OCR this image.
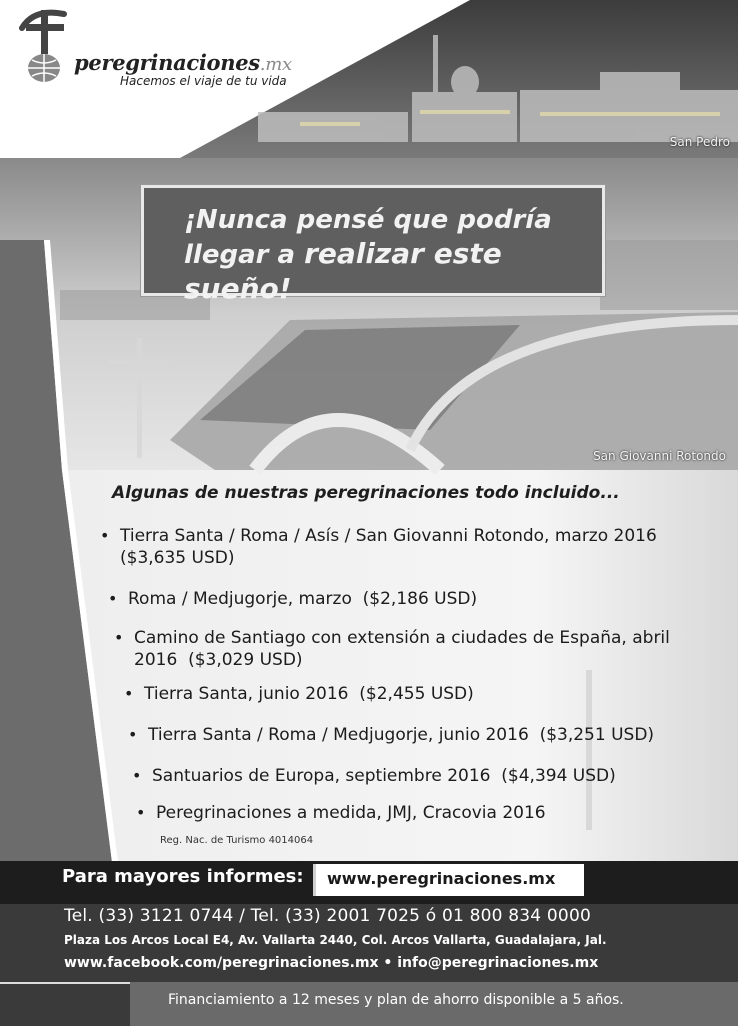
peregrinaciones.mx
Hacemos el viaje de tu vida
San Pedro
San Giovanni Rotondo
¡Nunca pensé que podría
llegar a realizar este sueño!
Algunas de nuestras peregrinaciones todo incluido...
• Tierra Santa / Roma / Asís / San Giovanni Rotondo, marzo 2016
($3,635 USD)
• Roma / Medjugorje, marzo ($2,186 USD)
• Camino de Santiago con extensión a ciudades de España, abril 2016 ($3,029 USD)
• Tierra Santa, junio 2016 ($2,455 USD)
• Tierra Santa / Roma / Medjugorje, junio 2016 ($3,251 USD)
• Santuarios de Europa, septiembre 2016 ($4,394 USD)
• Peregrinaciones a medida, JMJ, Cracovia 2016
Reg. Nac. de Turismo 4014064
Para mayores informes: www.peregrinaciones.mx
Tel. (33) 3121 0744 / Tel. (33) 2001 7025 ó 01 800 834 0000
Plaza Los Arcos Local E4, Av. Vallarta 2440, Col. Arcos Vallarta, Guadalajara, Jal.
www.facebook.com/peregrinaciones.mx • info@peregrinaciones.mx
Financiamiento a 12 meses y plan de ahorro disponible a 5 años.
